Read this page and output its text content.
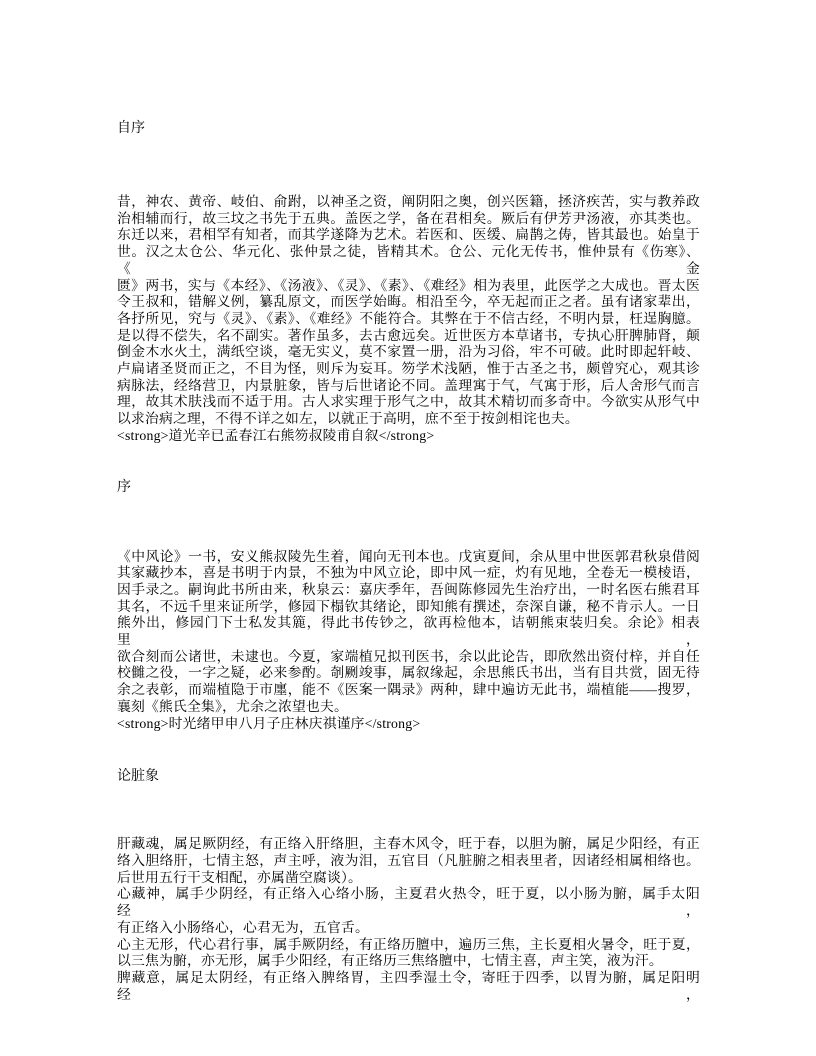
自序
昔，神农、黄帝、岐伯、俞跗，以神圣之资，阐阴阳之奥，创兴医籍，拯济疾苦，实与教养政
治相辅而行，故三坟之书先于五典。盖医之学，备在君相矣。厥后有伊芳尹汤液，亦其类也。
东迁以来，君相罕有知者，而其学遂降为艺术。若医和、医缓、扁鹊之俦，皆其最也。始皇于
世。汉之太仓公、华元化、张仲景之徒，皆精其术。仓公、元化无传书，惟仲景有《伤寒》、《金
匮》两书，实与《本经》、《汤液》、《灵》、《素》、《难经》相为表里，此医学之大成也。晋太医
令王叔和，错解义例，纂乱原文，而医学始晦。相沿至今，卒无起而正之者。虽有诸家辈出，
各抒所见，究与《灵》、《素》、《难经》不能符合。其弊在于不信古经，不明内景，枉逞胸臆。
是以得不偿失，名不副实。著作虽多，去古愈远矣。近世医方本草诸书，专执心肝脾肺肾，颠
倒金木水火土，满纸空谈，毫无实义，莫不家置一册，沿为习俗，牢不可破。此时即起轩岐、
卢扁诸圣贤而正之，不目为怪，则斥为妄耳。笏学术浅陋，惟于古圣之书，颇曾究心，观其诊
病脉法，经络营卫，内景脏象，皆与后世诸论不同。盖理寓于气，气寓于形，后人舍形气而言
理，故其术肤浅而不适于用。古人求实理于形气之中，故其术精切而多奇中。今欲实从形气中
以求治病之理，不得不详之如左，以就正于高明，庶不至于按剑相诧也夫。
<strong>道光辛已孟春江右熊笏叔陵甫自叙</strong>
序
《中风论》一书，安义熊叔陵先生着，闻向无刊本也。戊寅夏间，余从里中世医郭君秋泉借阅
其家藏抄本，喜是书明于内景，不独为中风立论，即中风一症，灼有见地，全卷无一模棱语，
因手录之。嗣询此书所由来，秋泉云：嘉庆季年，吾闽陈修园先生治疗出，一时名医右熊君耳
其名，不远千里来证所学，修园下榻钦其绪论，即知熊有撰述，奈深自谦，秘不肯示人。一日
熊外出，修园门下士私发其簏，得此书传钞之，欲再检他本，诘朝熊束装归矣。余论》相表里，
欲合刻而公诸世，未逮也。今夏，家端植兄拟刊医书，余以此论告，即欣然出资付梓，并自任
校雠之役，一字之疑，必来参酌。剞劂竣事，属叙缘起，余思熊氏书出，当有目共赏，固无待
余之表彰，而端植隐于市廛，能不《医案一隅录》两种，肆中遍访无此书，端植能——搜罗，
襄刻《熊氏全集》，尤余之浓望也夫。
<strong>时光绪甲申八月子庄林庆祺谨序</strong>
论脏象
肝藏魂，属足厥阴经，有正络入肝络胆，主春木风令，旺于春，以胆为腑，属足少阳经，有正
络入胆络肝，七情主怒，声主呼，液为泪，五官目（凡脏腑之相表里者，因诸经相属相络也。
后世用五行干支相配，亦属凿空腐谈）。
心藏神，属手少阴经，有正络入心络小肠，主夏君火热令，旺于夏，以小肠为腑，属手太阳经，
有正络入小肠络心，心君无为，五官舌。
心主无形，代心君行事，属手厥阴经，有正络历膻中，遍历三焦，主长夏相火暑令，旺于夏，
以三焦为腑，亦无形，属手少阳经，有正络历三焦络膻中，七情主喜，声主笑，液为汗。
脾藏意，属足太阴经，有正络入脾络胃，主四季湿土令，寄旺于四季，以胃为腑，属足阳明经，
